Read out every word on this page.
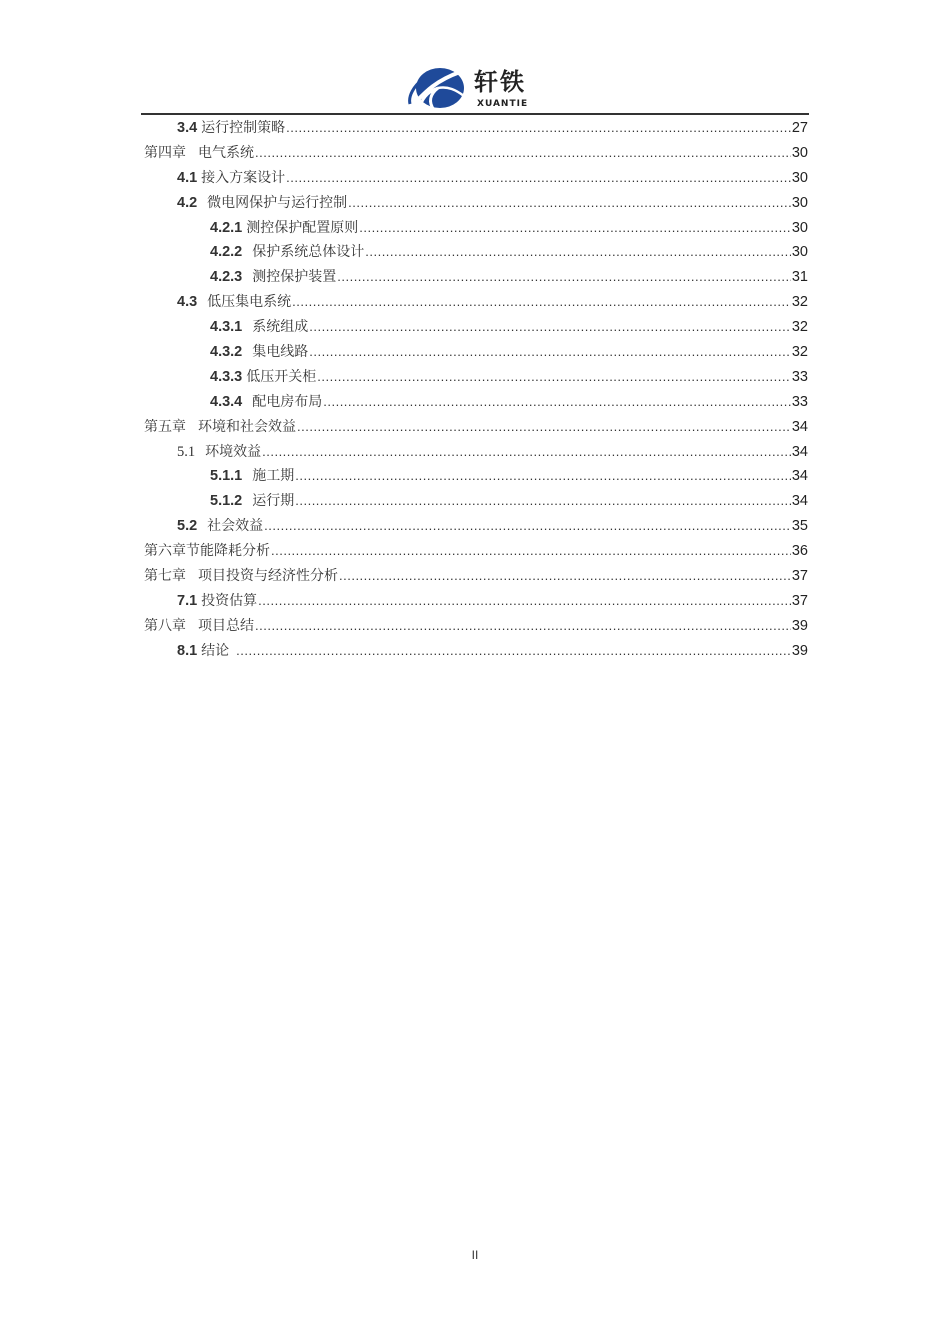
轩铁
XUANTIE
3.4 运行控制策略 .....	27
第四章 电气系统 .....	30
4.1 接入方案设计 .....	30
4.2 微电网保护与运行控制 .....	30
4.2.1 测控保护配置原则 .....	30
4.2.2 保护系统总体设计 .....	30
4.2.3 测控保护装置 .....	31
4.3 低压集电系统 .....	32
4.3.1 系统组成 .....	32
4.3.2 集电线路 .....	32
4.3.3 低压开关柜 .....	33
4.3.4 配电房布局 .....	33
第五章 环境和社会效益 .....	34
5.1 环境效益 .....	34
5.1.1 施工期 .....	34
5.1.2 运行期 .....	34
5.2 社会效益 .....	35
第六章 节能降耗分析 .....	36
第七章 项目投资与经济性分析 .....	37
7.1 投资估算 .....	37
第八章 项目总结 .....	39
8.1 结论 .....	39
II
